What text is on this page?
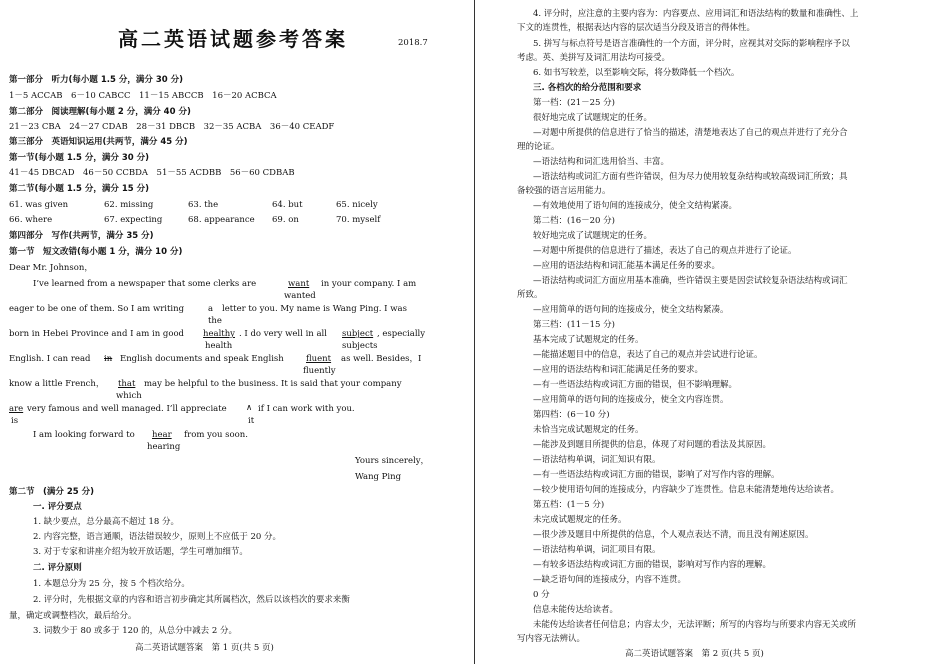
高二英语试题参考答案	2018.7
第一部分　听力(每小题 1.5 分，满分 30 分)
1－5 ACCAB　6－10 CABCC　11－15 ABCCB　16－20 ACBCA
第二部分　阅读理解(每小题 2 分，满分 40 分)
21－23 CBA　24－27 CDAB　28－31 DBCB　32－35 ACBA　36－40 CEADF
第三部分　英语知识运用(共两节，满分 45 分)
第一节(每小题 1.5 分，满分 30 分)
41－45 DBCAD　46－50 CCBDA　51－55 ACDBB　56－60 CDBAB
第二节(每小题 1.5 分，满分 15 分)
61. was given	62. missing	63. the	64. but	65. nicely
66. where	67. expecting	68. appearance 69. on	70. myself
第四部分　写作(共两节，满分 35 分)
第一节　短文改错(每小题 1 分，满分 10 分)
Dear Mr. Johnson，
I’ve learned from a newspaper that some clerks are	want in your company. I am
wanted
eager to be one of them. So I am writing	a letter to you. My name is Wang Ping. I was
the
born in Hebei Province and I am in good healthy . I do very well in all subject , especially
health	subjects
English. I can read in English documents and speak English	fluent as well. Besides，I
fluently
know a little French， that may be helpful to the business. It is said that your company
which
are very famous and well managed. I’ll appreciate ∧ if I can work with you.
is	it
I am looking forward to hear from you soon.
hearing
Yours sincerely，
Wang Ping
第二节　(满分 25 分)
一. 评分要点
1. 缺少要点，总分最高不超过 18 分。
2. 内容完整，语言通顺，语法错误较少，原则上不应低于 20 分。
3. 对于专家和讲座介绍为较开放话题，学生可增加细节。
二. 评分原则
1. 本题总分为 25 分，按 5 个档次给分。
2. 评分时，先根据文章的内容和语言初步确定其所属档次，然后以该档次的要求来衡
量，确定或调整档次，最后给分。
3. 词数少于 80 或多于 120 的，从总分中减去 2 分。
高二英语试题答案　第 1 页(共 5 页)
4. 评分时，应注意的主要内容为：内容要点、应用词汇和语法结构的数量和准确性、上
下文的连贯性，根据表达内容的层次适当分段及语言的得体性。
5. 拼写与标点符号是语言准确性的一个方面，评分时，应视其对交际的影响程序予以
考虑。英、美拼写及词汇用法均可接受。
6. 如书写较差，以至影响交际，将分数降低一个档次。
三. 各档次的给分范围和要求
第一档：(21－25 分)
很好地完成了试题规定的任务。
—对题中所提供的信息进行了恰当的描述，清楚地表达了自己的观点并进行了充分合
理的论证。
—语法结构和词汇选用恰当、丰富。
—语法结构或词汇方面有些许错误，但为尽力使用较复杂结构或较高级词汇所致；具
备较强的语言运用能力。
—有效地使用了语句间的连接成分，使全文结构紧凑。
第二档：(16－20 分)
较好地完成了试题规定的任务。
—对题中所提供的信息进行了描述，表达了自己的观点并进行了论证。
—应用的语法结构和词汇能基本满足任务的要求。
—语法结构或词汇方面应用基本准确，些许错误主要是因尝试较复杂语法结构或词汇
所致。
—应用简单的语句间的连接成分，使全文结构紧凑。
第三档：(11－15 分)
基本完成了试题规定的任务。
—能描述题目中的信息，表达了自己的观点并尝试进行论证。
—应用的语法结构和词汇能满足任务的要求。
—有一些语法结构或词汇方面的错误，但不影响理解。
—应用简单的语句间的连接成分，使全文内容连贯。
第四档：(6－10 分)
未恰当完成试题规定的任务。
—能涉及到题目所提供的信息，体现了对问题的看法及其原因。
—语法结构单调，词汇知识有限。
—有一些语法结构或词汇方面的错误，影响了对写作内容的理解。
—较少使用语句间的连接成分，内容缺少了连贯性。信息未能清楚地传达给读者。
第五档：(1－5 分)
未完成试题规定的任务。
—很少涉及题目中所提供的信息，个人观点表达不清，而且没有阐述原因。
—语法结构单调，词汇项目有限。
—有较多语法结构或词汇方面的错误，影响对写作内容的理解。
—缺乏语句间的连接成分，内容不连贯。
0 分
信息未能传达给读者。
未能传达给读者任何信息；内容太少，无法评断；所写的内容均与所要求内容无关或所
写内容无法辨认。
高二英语试题答案　第 2 页(共 5 页)
